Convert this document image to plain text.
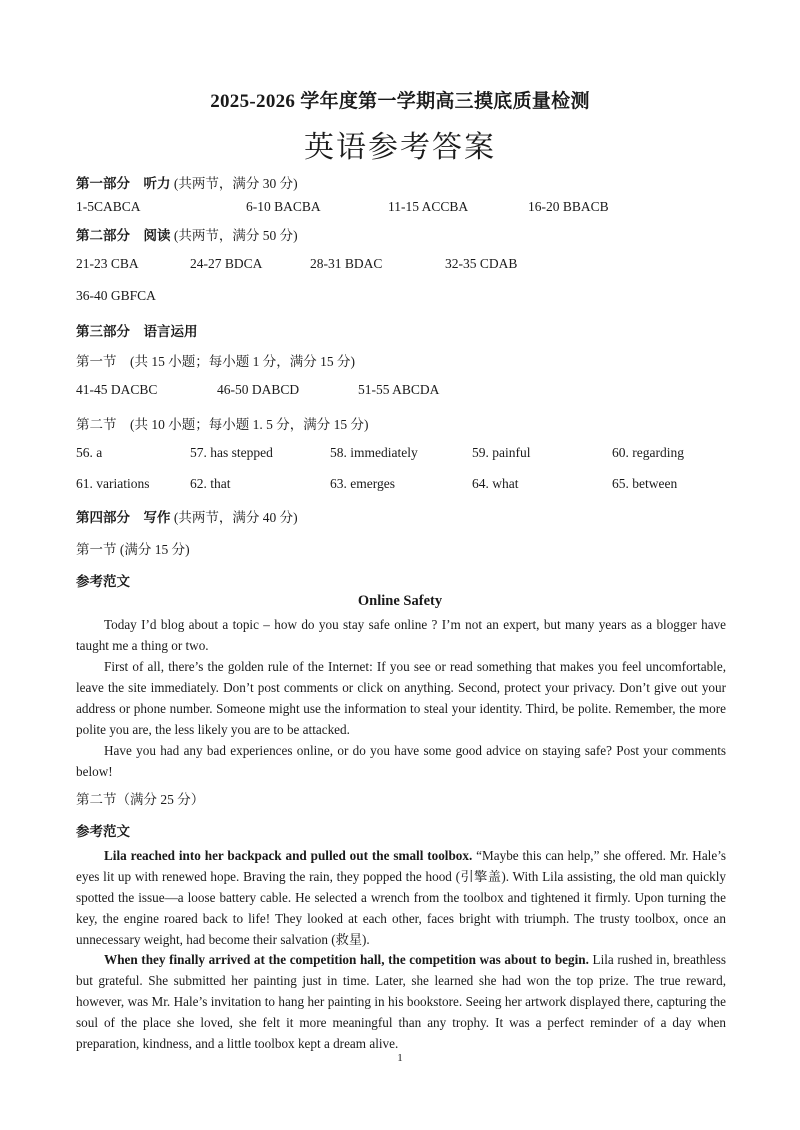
2025-2026 学年度第一学期高三摸底质量检测
英语参考答案
第一部分　听力 (共两节，满分 30 分)
1-5CABCA	6-10 BACBA	11-15 ACCBA	16-20 BBACB
第二部分　阅读 (共两节，满分 50 分)
21-23 CBA	24-27 BDCA	28-31 BDAC	32-35 CDAB
36-40 GBFCA
第三部分　语言运用
第一节　(共 15 小题；每小题 1 分，满分 15 分)
41-45 DACBC	46-50 DABCD	51-55 ABCDA
第二节　(共 10 小题；每小题 1. 5 分，满分 15 分)
56. a	57. has stepped	58. immediately	59. painful	60. regarding
61. variations	62. that	63. emerges	64. what	65. between
第四部分　写作 (共两节，满分 40 分)
第一节 (满分 15 分)
参考范文
Online Safety
Today I’d blog about a topic – how do you stay safe online ? I’m not an expert, but many years as a blogger have taught me a thing or two.
First of all, there’s the golden rule of the Internet: If you see or read something that makes you feel uncomfortable, leave the site immediately. Don’t post comments or click on anything. Second, protect your privacy. Don’t give out your address or phone number. Someone might use the information to steal your identity. Third, be polite. Remember, the more polite you are, the less likely you are to be attacked.
Have you had any bad experiences online, or do you have some good advice on staying safe? Post your comments below!
第二节（满分 25 分）
参考范文
Lila reached into her backpack and pulled out the small toolbox. “Maybe this can help,” she offered. Mr. Hale’s eyes lit up with renewed hope. Braving the rain, they popped the hood (引擎盖). With Lila assisting, the old man quickly spotted the issue—a loose battery cable. He selected a wrench from the toolbox and tightened it firmly. Upon turning the key, the engine roared back to life! They looked at each other, faces bright with triumph. The trusty toolbox, once an unnecessary weight, had become their salvation (救星).
When they finally arrived at the competition hall, the competition was about to begin. Lila rushed in, breathless but grateful. She submitted her painting just in time. Later, she learned she had won the top prize. The true reward, however, was Mr. Hale’s invitation to hang her painting in his bookstore. Seeing her artwork displayed there, capturing the soul of the place she loved, she felt it more meaningful than any trophy. It was a perfect reminder of a day when preparation, kindness, and a little toolbox kept a dream alive.
1
